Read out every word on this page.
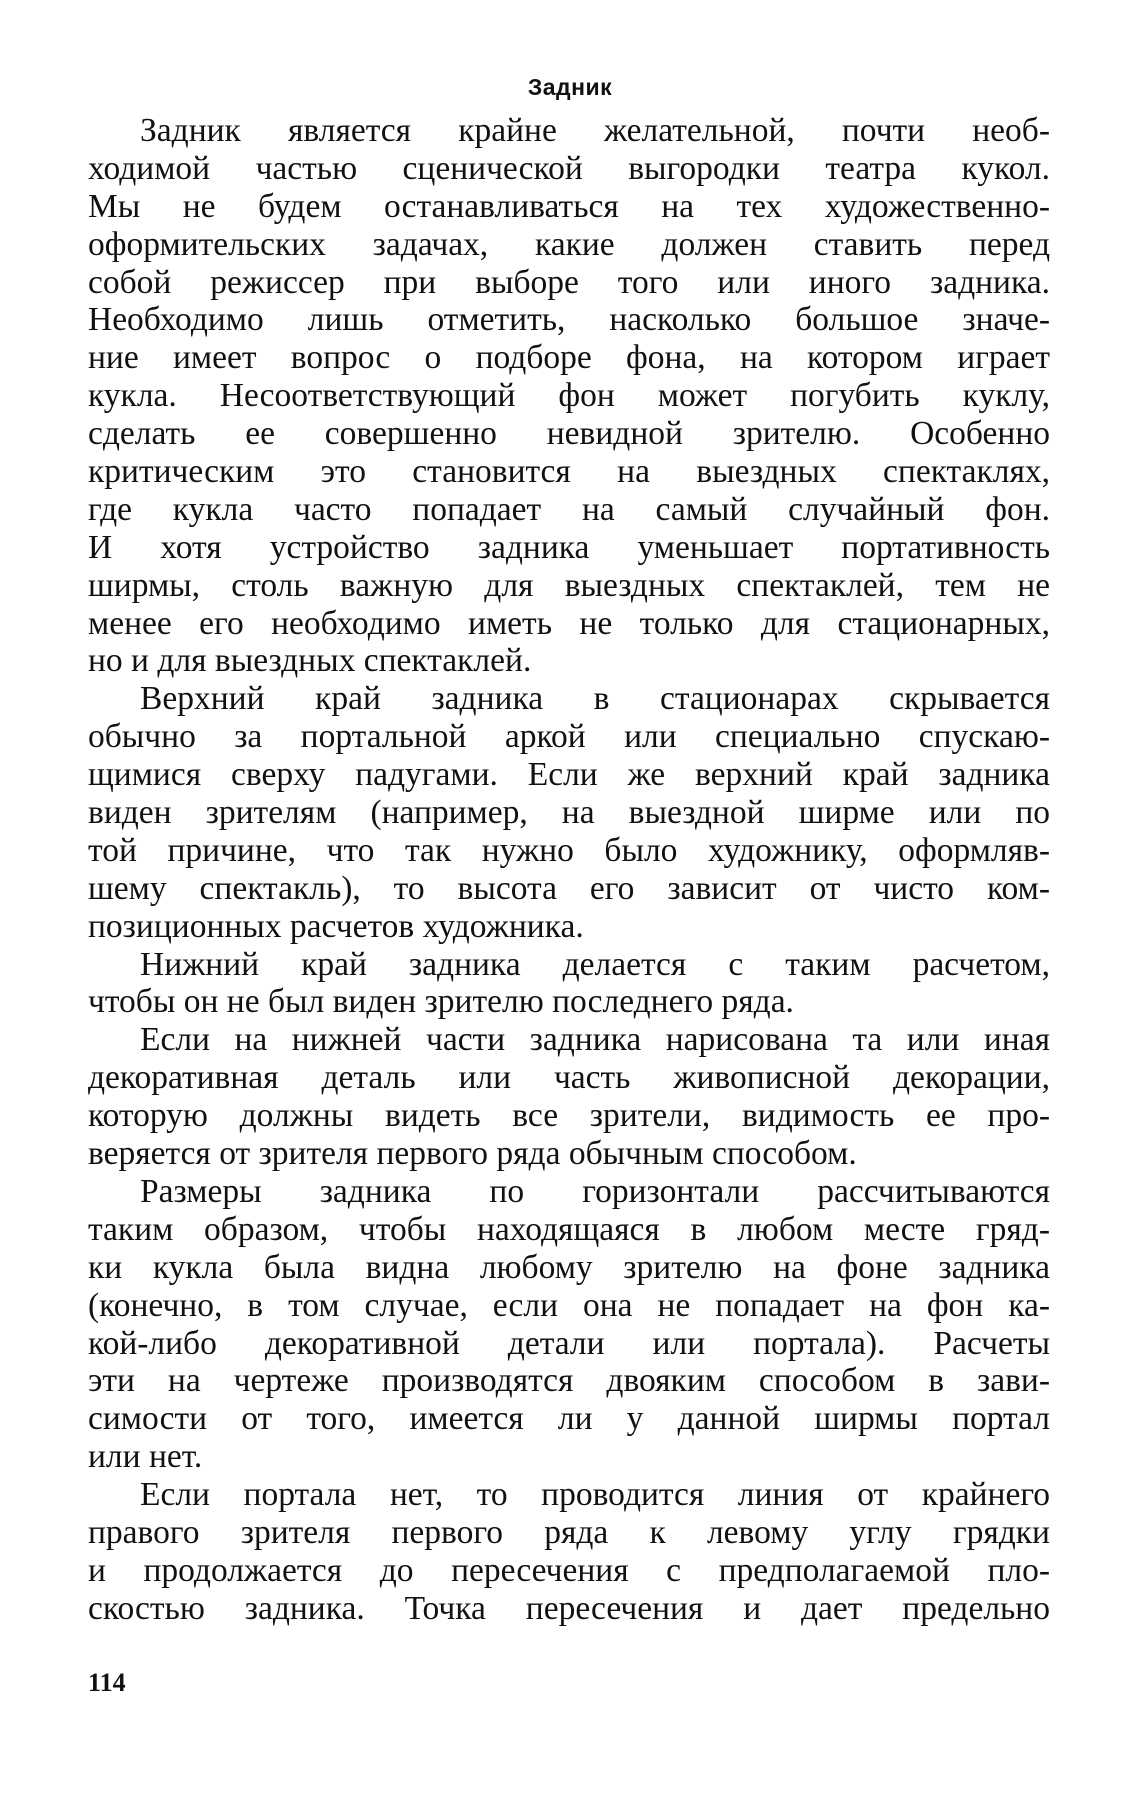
Задник
Задник является крайне желательной, почти необ-
ходимой частью сценической выгородки театра кукол.
Мы не будем останавливаться на тех художественно-
оформительских задачах, какие должен ставить перед
собой режиссер при выборе того или иного задника.
Необходимо лишь отметить, насколько большое значе-
ние имеет вопрос о подборе фона, на котором играет
кукла. Несоответствующий фон может погубить куклу,
сделать ее совершенно невидной зрителю. Особенно
критическим это становится на выездных спектаклях,
где кукла часто попадает на самый случайный фон.
И хотя устройство задника уменьшает портативность
ширмы, столь важную для выездных спектаклей, тем не
менее его необходимо иметь не только для стационарных,
но и для выездных спектаклей.
Верхний край задника в стационарах скрывается
обычно за портальной аркой или специально спускаю-
щимися сверху падугами. Если же верхний край задника
виден зрителям (например, на выездной ширме или по
той причине, что так нужно было художнику, оформляв-
шему спектакль), то высота его зависит от чисто ком-
позиционных расчетов художника.
Нижний край задника делается с таким расчетом,
чтобы он не был виден зрителю последнего ряда.
Если на нижней части задника нарисована та или иная
декоративная деталь или часть живописной декорации,
которую должны видеть все зрители, видимость ее про-
веряется от зрителя первого ряда обычным способом.
Размеры задника по горизонтали рассчитываются
таким образом, чтобы находящаяся в любом месте гряд-
ки кукла была видна любому зрителю на фоне задника
(конечно, в том случае, если она не попадает на фон ка-
кой-либо декоративной детали или портала). Расчеты
эти на чертеже производятся двояким способом в зави-
симости от того, имеется ли у данной ширмы портал
или нет.
Если портала нет, то проводится линия от крайнего
правого зрителя первого ряда к левому углу грядки
и продолжается до пересечения с предполагаемой пло-
скостью задника. Точка пересечения и дает предельно
114
